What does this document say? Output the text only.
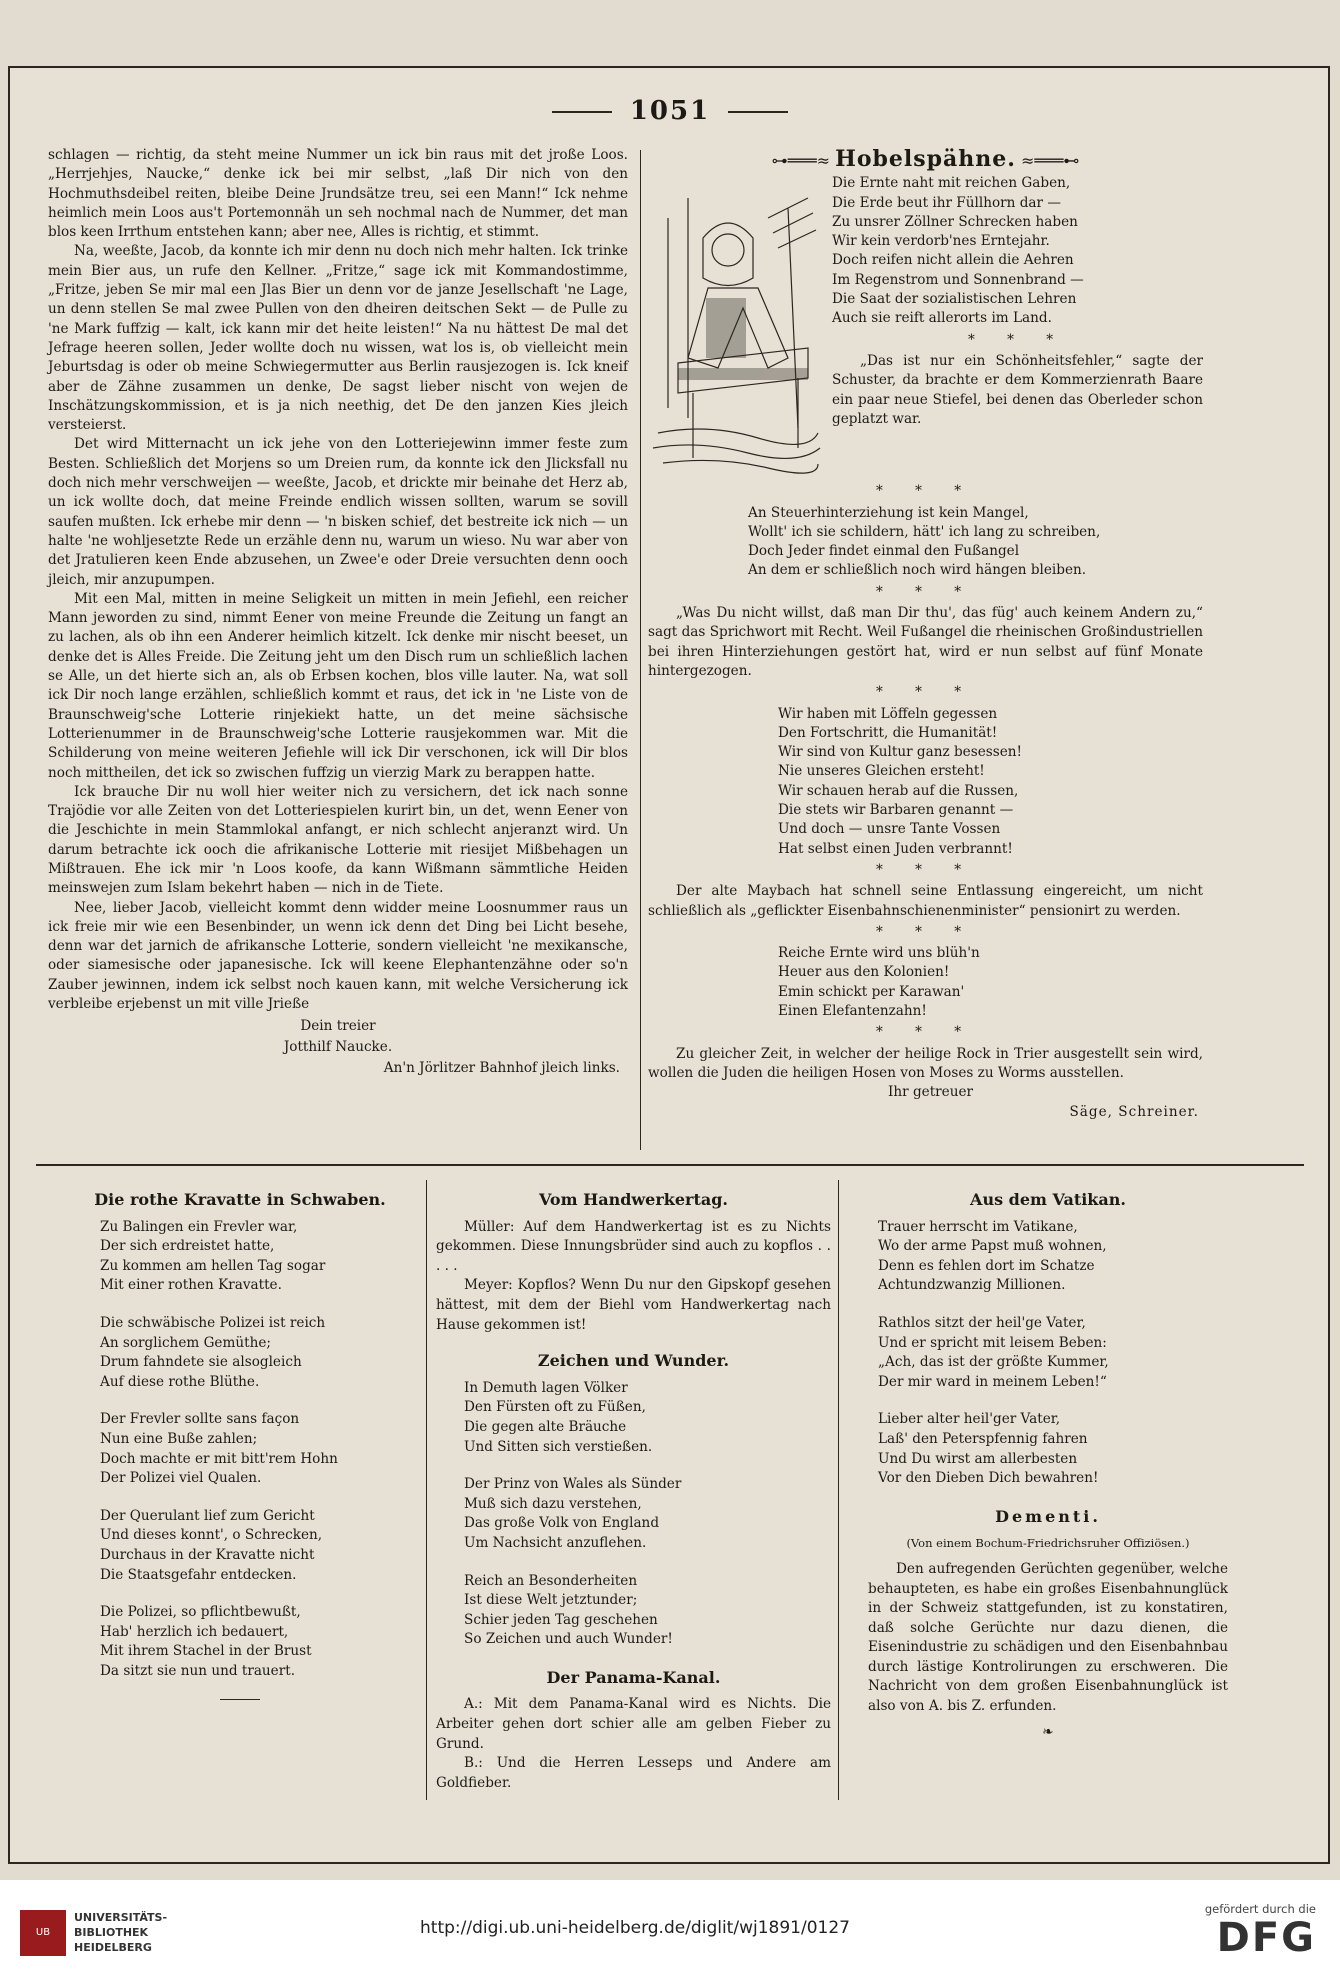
1051

schlagen — richtig, da steht meine Nummer un ick bin raus mit det jroße Loos. „Herrjehjes, Naucke,“ denke ick bei mir selbst, „laß Dir nich von den Hochmuthsdeibel reiten, bleibe Deine Jrundsätze treu, sei een Mann!“ Ick nehme heimlich mein Loos aus't Portemonnäh un seh nochmal nach de Nummer, det man blos keen Irrthum entstehen kann; aber nee, Alles is richtig, et stimmt.

Na, weeßte, Jacob, da konnte ich mir denn nu doch nich mehr halten. Ick trinke mein Bier aus, un rufe den Kellner. „Fritze,“ sage ick mit Kommandostimme, „Fritze, jeben Se mir mal een Jlas Bier un denn vor de janze Jesellschaft 'ne Lage, un denn stellen Se mal zwee Pullen von den dheiren deitschen Sekt — de Pulle zu 'ne Mark fuffzig — kalt, ick kann mir det heite leisten!“ Na nu hättest De mal det Jefrage heeren sollen, Jeder wollte doch nu wissen, wat los is, ob vielleicht mein Jeburtsdag is oder ob meine Schwiegermutter aus Berlin rausjezogen is. Ick kneif aber de Zähne zusammen un denke, De sagst lieber nischt von wejen de Inschätzungskommission, et is ja nich neethig, det De den janzen Kies jleich versteierst.

Det wird Mitternacht un ick jehe von den Lotteriejewinn immer feste zum Besten. Schließlich det Morjens so um Dreien rum, da konnte ick den Jlicksfall nu doch nich mehr verschweijen — weeßte, Jacob, et drickte mir beinahe det Herz ab, un ick wollte doch, dat meine Freinde endlich wissen sollten, warum se sovill saufen mußten. Ick erhebe mir denn — 'n bisken schief, det bestreite ick nich — un halte 'ne wohljesetzte Rede un erzähle denn nu, warum un wieso. Nu war aber von det Jratulieren keen Ende abzusehen, un Zwee'e oder Dreie versuchten denn ooch jleich, mir anzupumpen.

Mit een Mal, mitten in meine Seligkeit un mitten in mein Jefiehl, een reicher Mann jeworden zu sind, nimmt Eener von meine Freunde die Zeitung un fangt an zu lachen, als ob ihn een Anderer heimlich kitzelt. Ick denke mir nischt beeset, un denke det is Alles Freide. Die Zeitung jeht um den Disch rum un schließlich lachen se Alle, un det hierte sich an, als ob Erbsen kochen, blos ville lauter. Na, wat soll ick Dir noch lange erzählen, schließlich kommt et raus, det ick in 'ne Liste von de Braunschweig'sche Lotterie rinjekiekt hatte, un det meine sächsische Lotterienummer in de Braunschweig'sche Lotterie rausjekommen war. Mit die Schilderung von meine weiteren Jefiehle will ick Dir verschonen, ick will Dir blos noch mittheilen, det ick so zwischen fuffzig un vierzig Mark zu berappen hatte.

Ick brauche Dir nu woll hier weiter nich zu versichern, det ick nach sonne Trajödie vor alle Zeiten von det Lotteriespielen kurirt bin, un det, wenn Eener von die Jeschichte in mein Stammlokal anfangt, er nich schlecht anjeranzt wird. Un darum betrachte ick ooch die afrikanische Lotterie mit riesijet Mißbehagen un Mißtrauen. Ehe ick mir 'n Loos koofe, da kann Wißmann sämmtliche Heiden meinswejen zum Islam bekehrt haben — nich in de Tiete.

Nee, lieber Jacob, vielleicht kommt denn widder meine Loosnummer raus un ick freie mir wie een Besenbinder, un wenn ick denn det Ding bei Licht besehe, denn war det jarnich de afrikansche Lotterie, sondern vielleicht 'ne mexikansche, oder siamesische oder japanesische. Ick will keene Elephantenzähne oder so'n Zauber jewinnen, indem ick selbst noch kauen kann, mit welche Versicherung ick verbleibe erjebenst un mit ville Jrieße

Dein treier
Jotthilf Naucke.
An'n Jörlitzer Bahnhof jleich links.
⊶═══≈ Hobelspähne. ≈═══⊷
Die Ernte naht mit reichen Gaben,
Die Erde beut ihr Füllhorn dar —
Zu unsrer Zöllner Schrecken haben
Wir kein verdorb'nes Erntejahr.
Doch reifen nicht allein die Aehren
Im Regenstrom und Sonnenbrand —
Die Saat der sozialistischen Lehren
Auch sie reift allerorts im Land.
* * *

„Das ist nur ein Schönheitsfehler,“ sagte der Schuster, da brachte er dem Kommerzienrath Baare ein paar neue Stiefel, bei denen das Oberleder schon geplatzt war.

* * *
An Steuerhinterziehung ist kein Mangel,
Wollt' ich sie schildern, hätt' ich lang zu schreiben,
Doch Jeder findet einmal den Fußangel
An dem er schließlich noch wird hängen bleiben.
* * *

„Was Du nicht willst, daß man Dir thu', das füg' auch keinem Andern zu,“ sagt das Sprichwort mit Recht. Weil Fußangel die rheinischen Großindustriellen bei ihren Hinterziehungen gestört hat, wird er nun selbst auf fünf Monate hintergezogen.

* * *
Wir haben mit Löffeln gegessen
Den Fortschritt, die Humanität!
Wir sind von Kultur ganz besessen!
Nie unseres Gleichen ersteht!
Wir schauen herab auf die Russen,
Die stets wir Barbaren genannt —
Und doch — unsre Tante Vossen
Hat selbst einen Juden verbrannt!
* * *

Der alte Maybach hat schnell seine Entlassung eingereicht, um nicht schließlich als „geflickter Eisenbahnschienenminister“ pensionirt zu werden.

* * *
Reiche Ernte wird uns blüh'n
Heuer aus den Kolonien!
Emin schickt per Karawan'
Einen Elefantenzahn!
* * *

Zu gleicher Zeit, in welcher der heilige Rock in Trier ausgestellt sein wird, wollen die Juden die heiligen Hosen von Moses zu Worms ausstellen.

Ihr getreuer
Säge, Schreiner.
Die rothe Kravatte in Schwaben.
Zu Balingen ein Frevler war,
Der sich erdreistet hatte,
Zu kommen am hellen Tag sogar
Mit einer rothen Kravatte.
Die schwäbische Polizei ist reich
An sorglichem Gemüthe;
Drum fahndete sie alsogleich
Auf diese rothe Blüthe.
Der Frevler sollte sans façon
Nun eine Buße zahlen;
Doch machte er mit bitt'rem Hohn
Der Polizei viel Qualen.
Der Querulant lief zum Gericht
Und dieses konnt', o Schrecken,
Durchaus in der Kravatte nicht
Die Staatsgefahr entdecken.
Die Polizei, so pflichtbewußt,
Hab' herzlich ich bedauert,
Mit ihrem Stachel in der Brust
Da sitzt sie nun und trauert.
Vom Handwerkertag.

Müller: Auf dem Handwerkertag ist es zu Nichts gekommen. Diese Innungsbrüder sind auch zu kopflos . . . . .

Meyer: Kopflos? Wenn Du nur den Gipskopf gesehen hättest, mit dem der Biehl vom Handwerkertag nach Hause gekommen ist!

Zeichen und Wunder.
In Demuth lagen Völker
Den Fürsten oft zu Füßen,
Die gegen alte Bräuche
Und Sitten sich verstießen.
Der Prinz von Wales als Sünder
Muß sich dazu verstehen,
Das große Volk von England
Um Nachsicht anzuflehen.
Reich an Besonderheiten
Ist diese Welt jetztunder;
Schier jeden Tag geschehen
So Zeichen und auch Wunder!
Der Panama-Kanal.

A.: Mit dem Panama-Kanal wird es Nichts. Die Arbeiter gehen dort schier alle am gelben Fieber zu Grund.

B.: Und die Herren Lesseps und Andere am Goldfieber.

Aus dem Vatikan.
Trauer herrscht im Vatikane,
Wo der arme Papst muß wohnen,
Denn es fehlen dort im Schatze
Achtundzwanzig Millionen.
Rathlos sitzt der heil'ge Vater,
Und er spricht mit leisem Beben:
„Ach, das ist der größte Kummer,
Der mir ward in meinem Leben!“
Lieber alter heil'ger Vater,
Laß' den Peterspfennig fahren
Und Du wirst am allerbesten
Vor den Dieben Dich bewahren!
Dementi.
(Von einem Bochum-Friedrichsruher Offiziösen.)

Den aufregenden Gerüchten gegenüber, welche behaupteten, es habe ein großes Eisenbahnunglück in der Schweiz stattgefunden, ist zu konstatiren, daß solche Gerüchte nur dazu dienen, die Eisenindustrie zu schädigen und den Eisenbahnbau durch lästige Kontrolirungen zu erschweren. Die Nachricht von dem großen Eisenbahnunglück ist also von A. bis Z. erfunden.

❧
UB
UNIVERSITÄTS-
BIBLIOTHEK
HEIDELBERG
http://digi.ub.uni-heidelberg.de/diglit/wj1891/0127
gefördert durch die
DFG
